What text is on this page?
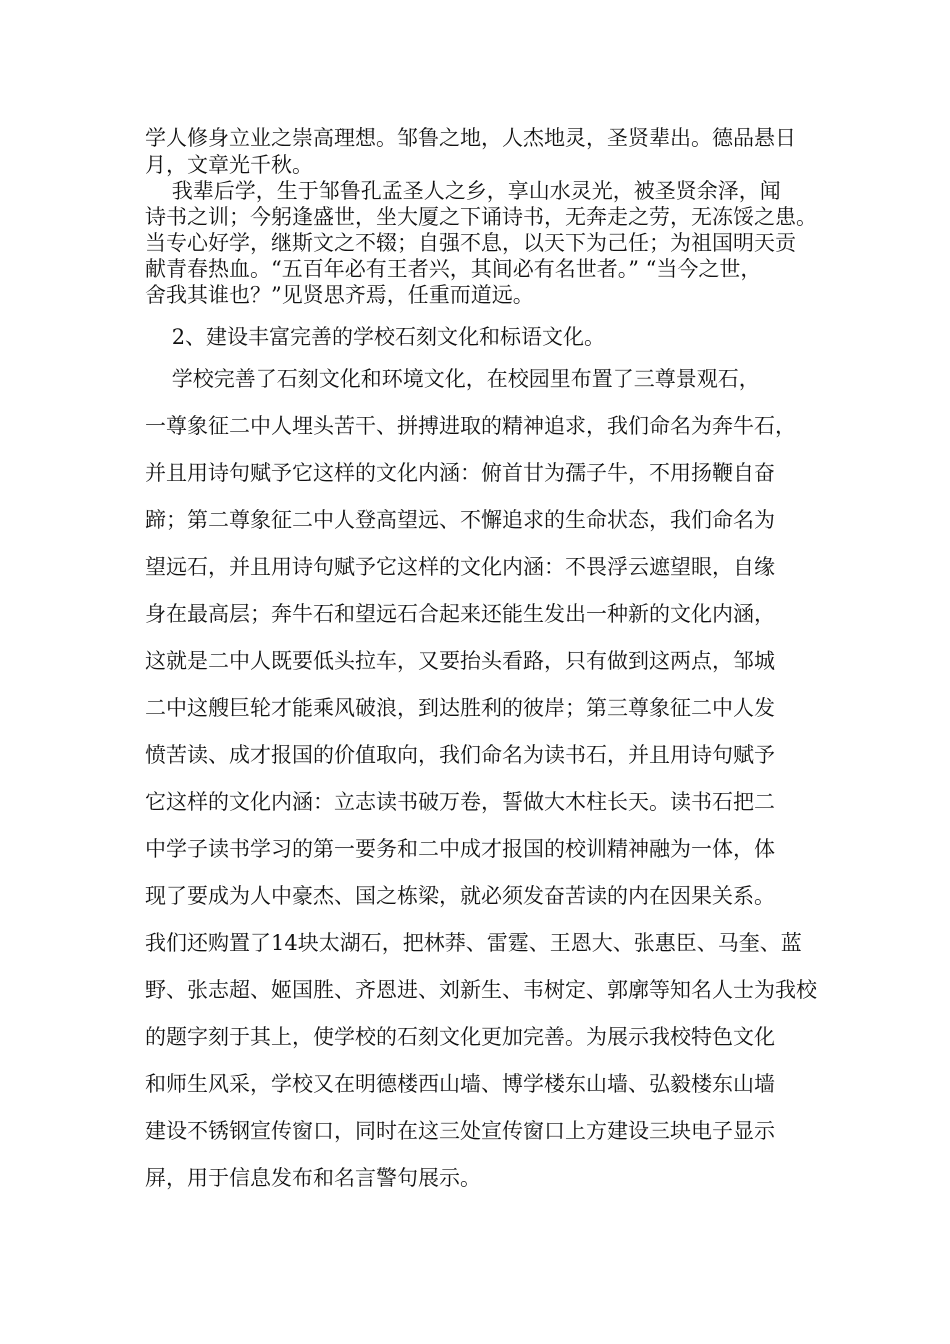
学人修身立业之崇高理想。邹鲁之地，人杰地灵，圣贤辈出。德品悬日
月，文章光千秋。
我辈后学，生于邹鲁孔孟圣人之乡，享山水灵光，被圣贤余泽，闻
诗书之训；今躬逢盛世，坐大厦之下诵诗书，无奔走之劳，无冻馁之患。
当专心好学，继斯文之不辍；自强不息，以天下为己任；为祖国明天贡
献青春热血。“五百年必有王者兴，其间必有名世者。” “当今之世，
舍我其谁也？”见贤思齐焉，任重而道远。
2、建设丰富完善的学校石刻文化和标语文化。
学校完善了石刻文化和环境文化，在校园里布置了三尊景观石，
一尊象征二中人埋头苦干、拼搏进取的精神追求，我们命名为奔牛石，
并且用诗句赋予它这样的文化内涵：俯首甘为孺子牛，不用扬鞭自奋
蹄；第二尊象征二中人登高望远、不懈追求的生命状态，我们命名为
望远石，并且用诗句赋予它这样的文化内涵：不畏浮云遮望眼，自缘
身在最高层；奔牛石和望远石合起来还能生发出一种新的文化内涵，
这就是二中人既要低头拉车，又要抬头看路，只有做到这两点，邹城
二中这艘巨轮才能乘风破浪，到达胜利的彼岸；第三尊象征二中人发
愤苦读、成才报国的价值取向，我们命名为读书石，并且用诗句赋予
它这样的文化内涵：立志读书破万卷，誓做大木柱长天。读书石把二
中学子读书学习的第一要务和二中成才报国的校训精神融为一体，体
现了要成为人中豪杰、国之栋梁，就必须发奋苦读的内在因果关系。
我们还购置了14块太湖石，把林莽、雷霆、王恩大、张惠臣、马奎、蓝
野、张志超、姬国胜、齐恩进、刘新生、韦树定、郭廓等知名人士为我校
的题字刻于其上，使学校的石刻文化更加完善。为展示我校特色文化
和师生风采，学校又在明德楼西山墙、博学楼东山墙、弘毅楼东山墙
建设不锈钢宣传窗口，同时在这三处宣传窗口上方建设三块电子显示
屏，用于信息发布和名言警句展示。
